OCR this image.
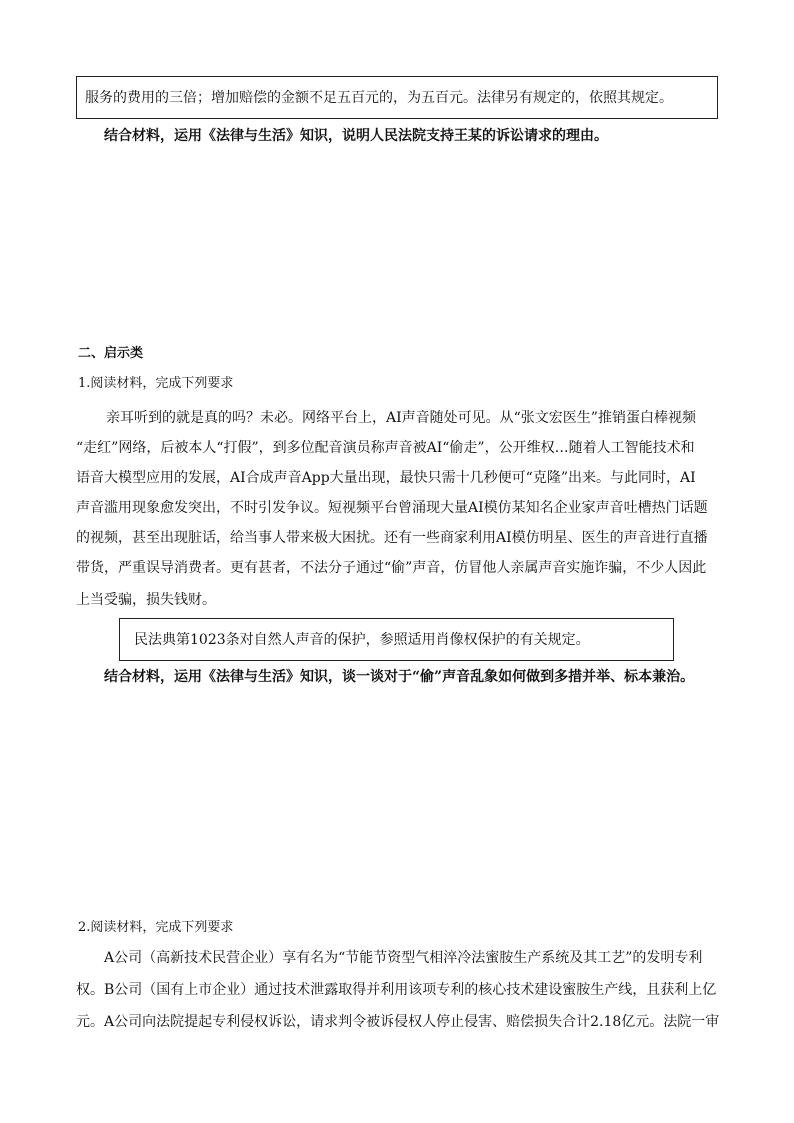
服务的费用的三倍；增加赔偿的金额不足五百元的，为五百元。法律另有规定的，依照其规定。
结合材料，运用《法律与生活》知识，说明人民法院支持王某的诉讼请求的理由。
二、启示类
1.阅读材料，完成下列要求
亲耳听到的就是真的吗？未必。网络平台上，AI声音随处可见。从“张文宏医生”推销蛋白棒视频
“走红”网络，后被本人“打假”，到多位配音演员称声音被AI“偷走”，公开维权…随着人工智能技术和
语音大模型应用的发展，AI合成声音App大量出现，最快只需十几秒便可“克隆”出来。与此同时，AI
声音滥用现象愈发突出，不时引发争议。短视频平台曾涌现大量AI模仿某知名企业家声音吐槽热门话题
的视频，甚至出现脏话，给当事人带来极大困扰。还有一些商家利用AI模仿明星、医生的声音进行直播
带货，严重误导消费者。更有甚者，不法分子通过“偷”声音，仿冒他人亲属声音实施诈骗，不少人因此
上当受骗，损失钱财。
民法典第1023条对自然人声音的保护，参照适用肖像权保护的有关规定。
结合材料，运用《法律与生活》知识，谈一谈对于“偷”声音乱象如何做到多措并举、标本兼治。
2.阅读材料，完成下列要求
A公司（高新技术民营企业）享有名为“节能节资型气相淬冷法蜜胺生产系统及其工艺”的发明专利
权。B公司（国有上市企业）通过技术泄露取得并利用该项专利的核心技术建设蜜胺生产线，且获利上亿
元。A公司向法院提起专利侵权诉讼，请求判令被诉侵权人停止侵害、赔偿损失合计2.18亿元。法院一审
